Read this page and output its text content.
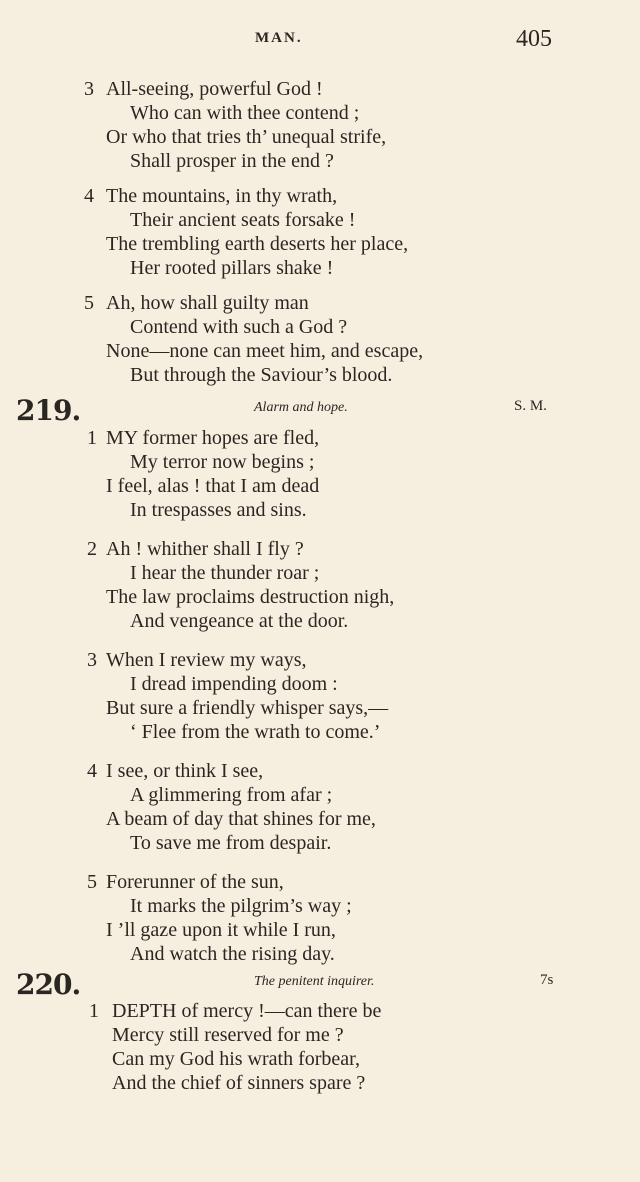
MAN.	405
3 All-seeing, powerful God !
Who can with thee contend ;
Or who that tries th’ unequal strife,
Shall prosper in the end ?
4 The mountains, in thy wrath,
Their ancient seats forsake !
The trembling earth deserts her place,
Her rooted pillars shake !
5 Ah, how shall guilty man
Contend with such a God ?
None—none can meet him, and escape,
But through the Saviour’s blood.
219.	Alarm and hope.	S. M.
1 MY former hopes are fled,
My terror now begins ;
I feel, alas ! that I am dead
In trespasses and sins.
2 Ah ! whither shall I fly ?
I hear the thunder roar ;
The law proclaims destruction nigh,
And vengeance at the door.
3 When I review my ways,
I dread impending doom :
But sure a friendly whisper says,—
‘ Flee from the wrath to come.’
4 I see, or think I see,
A glimmering from afar ;
A beam of day that shines for me,
To save me from despair.
5 Forerunner of the sun,
It marks the pilgrim’s way ;
I ’ll gaze upon it while I run,
And watch the rising day.
220.	The penitent inquirer.	7s
1 DEPTH of mercy !—can there be
Mercy still reserved for me ?
Can my God his wrath forbear,
And the chief of sinners spare ?
